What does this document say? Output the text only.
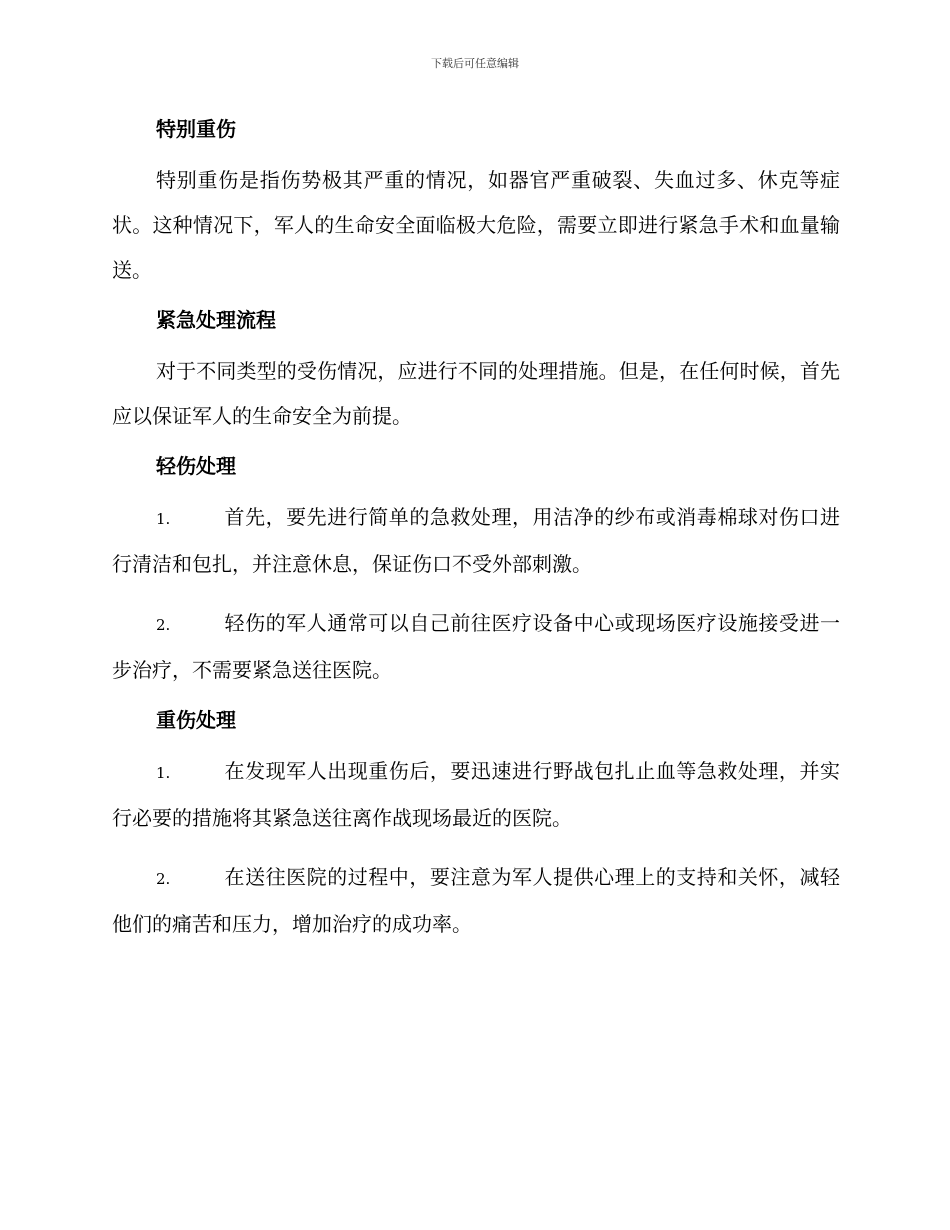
下载后可任意编辑

特别重伤

特别重伤是指伤势极其严重的情况，如器官严重破裂、失血过多、休克等症状。这种情况下，军人的生命安全面临极大危险，需要立即进行紧急手术和血量输送。

紧急处理流程

对于不同类型的受伤情况，应进行不同的处理措施。但是，在任何时候，首先应以保证军人的生命安全为前提。

轻伤处理

1.	首先，要先进行简单的急救处理，用洁净的纱布或消毒棉球对伤口进行清洁和包扎，并注意休息，保证伤口不受外部刺激。

2.	轻伤的军人通常可以自己前往医疗设备中心或现场医疗设施接受进一步治疗，不需要紧急送往医院。

重伤处理

1.	在发现军人出现重伤后，要迅速进行野战包扎止血等急救处理，并实行必要的措施将其紧急送往离作战现场最近的医院。

2.	在送往医院的过程中，要注意为军人提供心理上的支持和关怀，减轻他们的痛苦和压力，增加治疗的成功率。
